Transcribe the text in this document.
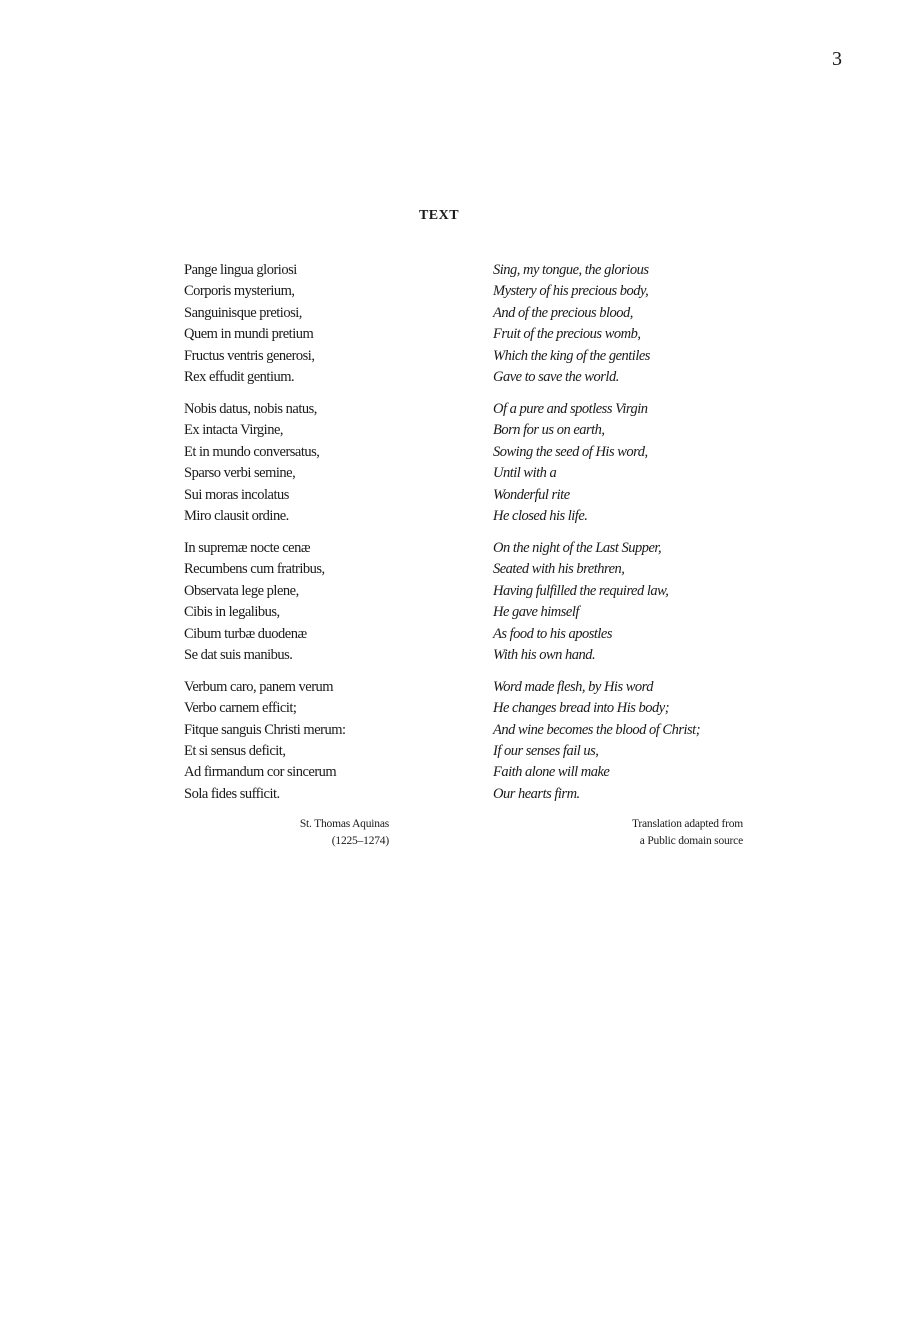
3
TEXT
Pange lingua gloriosi
Corporis mysterium,
Sanguinisque pretiosi,
Quem in mundi pretium
Fructus ventris generosi,
Rex effudit gentium.
Nobis datus, nobis natus,
Ex intacta Virgine,
Et in mundo conversatus,
Sparso verbi semine,
Sui moras incolatus
Miro clausit ordine.
In supremæ nocte cenæ
Recumbens cum fratribus,
Observata lege plene,
Cibis in legalibus,
Cibum turbæ duodenæ
Se dat suis manibus.
Verbum caro, panem verum
Verbo carnem efficit;
Fitque sanguis Christi merum:
Et si sensus deficit,
Ad firmandum cor sincerum
Sola fides sufficit.
St. Thomas Aquinas
(1225–1274)
Sing, my tongue, the glorious
Mystery of his precious body,
And of the precious blood,
Fruit of the precious womb,
Which the king of the gentiles
Gave to save the world.
Of a pure and spotless Virgin
Born for us on earth,
Sowing the seed of His word,
Until with a
Wonderful rite
He closed his life.
On the night of the Last Supper,
Seated with his brethren,
Having fulfilled the required law,
He gave himself
As food to his apostles
With his own hand.
Word made flesh, by His word
He changes bread into His body;
And wine becomes the blood of Christ;
If our senses fail us,
Faith alone will make
Our hearts firm.
Translation adapted from
a Public domain source
